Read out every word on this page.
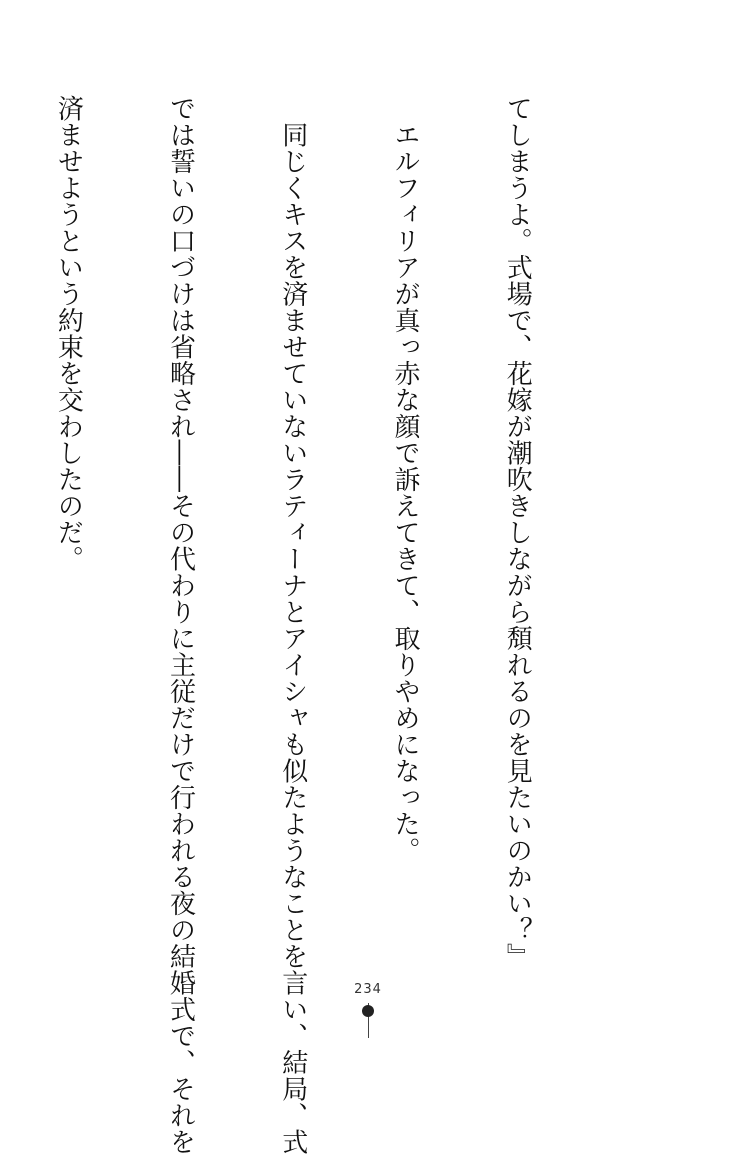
てしまうよ。式場で、花嫁が潮吹きしながら頽れるのを見たいのかい？』

　エルフィリアが真っ赤な顔で訴えてきて、取りやめになった。

　同じくキスを済ませていないラティーナとアイシャも似たようなことを言い、結局、式

では誓いの口づけは省略され――その代わりに主従だけで行われる夜の結婚式で、それを

済ませようという約束を交わしたのだ。

234
